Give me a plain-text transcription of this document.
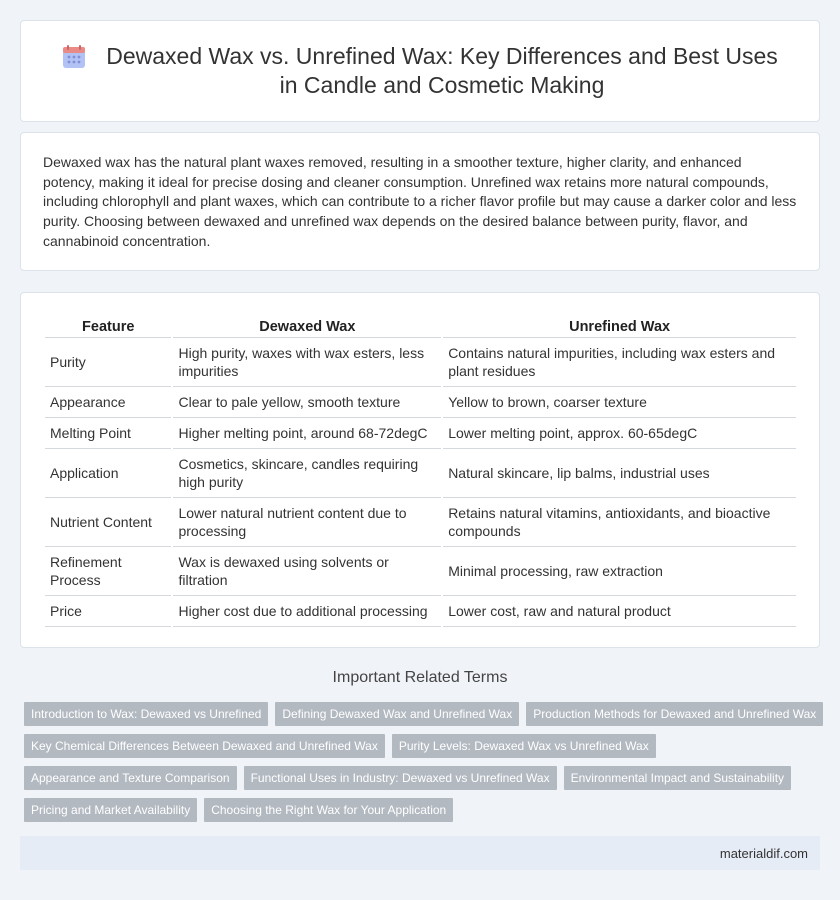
Dewaxed Wax vs. Unrefined Wax: Key Differences and Best Uses in Candle and Cosmetic Making

Dewaxed wax has the natural plant waxes removed, resulting in a smoother texture, higher clarity, and enhanced potency, making it ideal for precise dosing and cleaner consumption. Unrefined wax retains more natural compounds, including chlorophyll and plant waxes, which can contribute to a richer flavor profile but may cause a darker color and less purity. Choosing between dewaxed and unrefined wax depends on the desired balance between purity, flavor, and cannabinoid concentration.

Feature	Dewaxed Wax	Unrefined Wax
Purity	High purity, waxes with wax esters, less impurities	Contains natural impurities, including wax esters and plant residues
Appearance	Clear to pale yellow, smooth texture	Yellow to brown, coarser texture
Melting Point	Higher melting point, around 68-72degC	Lower melting point, approx. 60-65degC
Application	Cosmetics, skincare, candles requiring high purity	Natural skincare, lip balms, industrial uses
Nutrient Content	Lower natural nutrient content due to processing	Retains natural vitamins, antioxidants, and bioactive compounds
Refinement Process	Wax is dewaxed using solvents or filtration	Minimal processing, raw extraction
Price	Higher cost due to additional processing	Lower cost, raw and natural product
Important Related Terms
Introduction to Wax: Dewaxed vs Unrefined	Defining Dewaxed Wax and Unrefined Wax	Production Methods for Dewaxed and Unrefined Wax
Key Chemical Differences Between Dewaxed and Unrefined Wax	Purity Levels: Dewaxed Wax vs Unrefined Wax
Appearance and Texture Comparison	Functional Uses in Industry: Dewaxed vs Unrefined Wax	Environmental Impact and Sustainability
Pricing and Market Availability	Choosing the Right Wax for Your Application
materialdif.com
